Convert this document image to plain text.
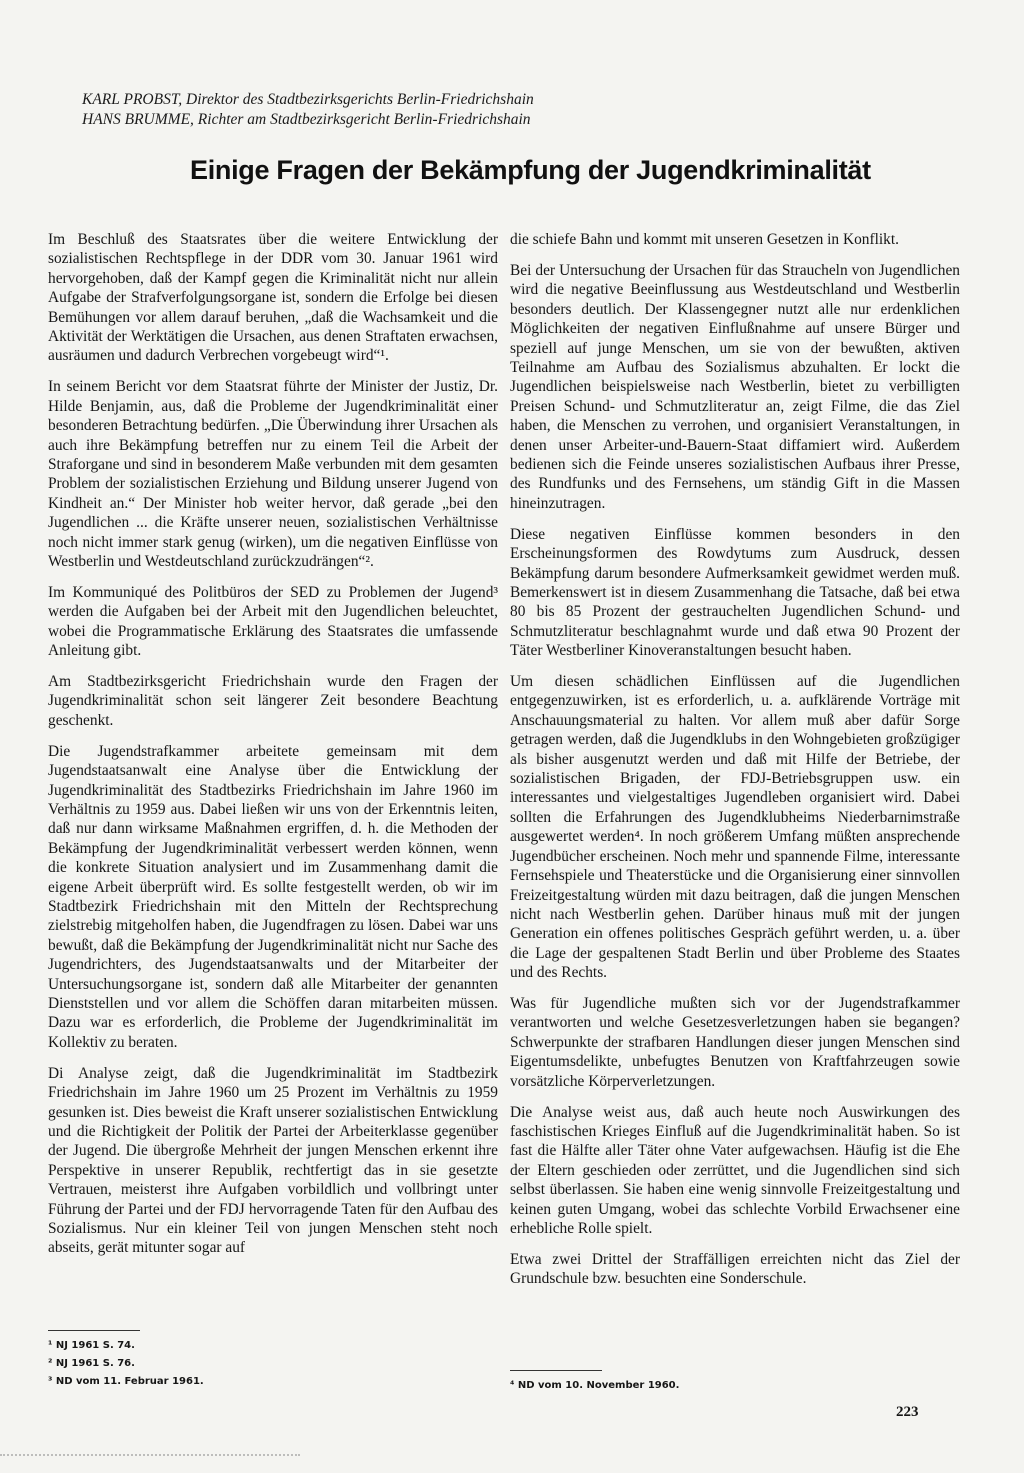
KARL PROBST, Direktor des Stadtbezirksgerichts Berlin-Friedrichshain
HANS BRUMME, Richter am Stadtbezirksgericht Berlin-Friedrichshain
Einige Fragen der Bekämpfung der Jugendkriminalität

Im Beschluß des Staatsrates über die weitere Entwicklung der sozialistischen Rechtspflege in der DDR vom 30. Januar 1961 wird hervorgehoben, daß der Kampf gegen die Kriminalität nicht nur allein Aufgabe der Strafverfolgungsorgane ist, sondern die Erfolge bei diesen Bemühungen vor allem darauf beruhen, „daß die Wachsamkeit und die Aktivität der Werktätigen die Ursachen, aus denen Straftaten erwachsen, ausräumen und dadurch Verbrechen vorgebeugt wird“¹.

In seinem Bericht vor dem Staatsrat führte der Minister der Justiz, Dr. Hilde Benjamin, aus, daß die Probleme der Jugendkriminalität einer besonderen Betrachtung bedürfen. „Die Überwindung ihrer Ursachen als auch ihre Bekämpfung betreffen nur zu einem Teil die Arbeit der Straforgane und sind in besonderem Maße verbunden mit dem gesamten Problem der sozialistischen Erziehung und Bildung unserer Jugend von Kindheit an.“ Der Minister hob weiter hervor, daß gerade „bei den Jugendlichen ... die Kräfte unserer neuen, sozialistischen Verhältnisse noch nicht immer stark genug (wirken), um die negativen Einflüsse von Westberlin und Westdeutschland zurückzudrängen“².

Im Kommuniqué des Politbüros der SED zu Problemen der Jugend³ werden die Aufgaben bei der Arbeit mit den Jugendlichen beleuchtet, wobei die Programmatische Erklärung des Staatsrates die umfassende Anleitung gibt.

Am Stadtbezirksgericht Friedrichshain wurde den Fragen der Jugendkriminalität schon seit längerer Zeit besondere Beachtung geschenkt.

Die Jugendstrafkammer arbeitete gemeinsam mit dem Jugendstaatsanwalt eine Analyse über die Entwicklung der Jugendkriminalität des Stadtbezirks Friedrichshain im Jahre 1960 im Verhältnis zu 1959 aus. Dabei ließen wir uns von der Erkenntnis leiten, daß nur dann wirksame Maßnahmen ergriffen, d. h. die Methoden der Bekämpfung der Jugendkriminalität verbessert werden können, wenn die konkrete Situation analysiert und im Zusammenhang damit die eigene Arbeit überprüft wird. Es sollte festgestellt werden, ob wir im Stadtbezirk Friedrichshain mit den Mitteln der Rechtsprechung zielstrebig mitgeholfen haben, die Jugendfragen zu lösen. Dabei war uns bewußt, daß die Bekämpfung der Jugendkriminalität nicht nur Sache des Jugendrichters, des Jugendstaatsanwalts und der Mitarbeiter der Untersuchungsorgane ist, sondern daß alle Mitarbeiter der genannten Dienststellen und vor allem die Schöffen daran mitarbeiten müssen. Dazu war es erforderlich, die Probleme der Jugendkriminalität im Kollektiv zu beraten.

Di Analyse zeigt, daß die Jugendkriminalität im Stadtbezirk Friedrichshain im Jahre 1960 um 25 Prozent im Verhältnis zu 1959 gesunken ist. Dies beweist die Kraft unserer sozialistischen Entwicklung und die Richtigkeit der Politik der Partei der Arbeiterklasse gegenüber der Jugend. Die übergroße Mehrheit der jungen Menschen erkennt ihre Perspektive in unserer Republik, rechtfertigt das in sie gesetzte Vertrauen, meisterst ihre Aufgaben vorbildlich und vollbringt unter Führung der Partei und der FDJ hervorragende Taten für den Aufbau des Sozialismus. Nur ein kleiner Teil von jungen Menschen steht noch abseits, gerät mitunter sogar auf

die schiefe Bahn und kommt mit unseren Gesetzen in Konflikt.

Bei der Untersuchung der Ursachen für das Straucheln von Jugendlichen wird die negative Beeinflussung aus Westdeutschland und Westberlin besonders deutlich. Der Klassengegner nutzt alle nur erdenklichen Möglichkeiten der negativen Einflußnahme auf unsere Bürger und speziell auf junge Menschen, um sie von der bewußten, aktiven Teilnahme am Aufbau des Sozialismus abzuhalten. Er lockt die Jugendlichen beispielsweise nach Westberlin, bietet zu verbilligten Preisen Schund- und Schmutzliteratur an, zeigt Filme, die das Ziel haben, die Menschen zu verrohen, und organisiert Veranstaltungen, in denen unser Arbeiter-und-Bauern-Staat diffamiert wird. Außerdem bedienen sich die Feinde unseres sozialistischen Aufbaus ihrer Presse, des Rundfunks und des Fernsehens, um ständig Gift in die Massen hineinzutragen.

Diese negativen Einflüsse kommen besonders in den Erscheinungsformen des Rowdytums zum Ausdruck, dessen Bekämpfung darum besondere Aufmerksamkeit gewidmet werden muß. Bemerkenswert ist in diesem Zusammenhang die Tatsache, daß bei etwa 80 bis 85 Prozent der gestrauchelten Jugendlichen Schund- und Schmutzliteratur beschlagnahmt wurde und daß etwa 90 Prozent der Täter Westberliner Kinoveranstaltungen besucht haben.

Um diesen schädlichen Einflüssen auf die Jugendlichen entgegenzuwirken, ist es erforderlich, u. a. aufklärende Vorträge mit Anschauungsmaterial zu halten. Vor allem muß aber dafür Sorge getragen werden, daß die Jugendklubs in den Wohngebieten großzügiger als bisher ausgenutzt werden und daß mit Hilfe der Betriebe, der sozialistischen Brigaden, der FDJ-Betriebsgruppen usw. ein interessantes und vielgestaltiges Jugendleben organisiert wird. Dabei sollten die Erfahrungen des Jugendklubheims Niederbarnimstraße ausgewertet werden⁴. In noch größerem Umfang müßten ansprechende Jugendbücher erscheinen. Noch mehr und spannende Filme, interessante Fernsehspiele und Theaterstücke und die Organisierung einer sinnvollen Freizeitgestaltung würden mit dazu beitragen, daß die jungen Menschen nicht nach Westberlin gehen. Darüber hinaus muß mit der jungen Generation ein offenes politisches Gespräch geführt werden, u. a. über die Lage der gespaltenen Stadt Berlin und über Probleme des Staates und des Rechts.

Was für Jugendliche mußten sich vor der Jugendstrafkammer verantworten und welche Gesetzesverletzungen haben sie begangen? Schwerpunkte der strafbaren Handlungen dieser jungen Menschen sind Eigentumsdelikte, unbefugtes Benutzen von Kraftfahrzeugen sowie vorsätzliche Körperverletzungen.

Die Analyse weist aus, daß auch heute noch Auswirkungen des faschistischen Krieges Einfluß auf die Jugendkriminalität haben. So ist fast die Hälfte aller Täter ohne Vater aufgewachsen. Häufig ist die Ehe der Eltern geschieden oder zerrüttet, und die Jugendlichen sind sich selbst überlassen. Sie haben eine wenig sinnvolle Freizeitgestaltung und keinen guten Umgang, wobei das schlechte Vorbild Erwachsener eine erhebliche Rolle spielt.

Etwa zwei Drittel der Straffälligen erreichten nicht das Ziel der Grundschule bzw. besuchten eine Sonderschule.

¹ NJ 1961 S. 74.
² NJ 1961 S. 76.
³ ND vom 11. Februar 1961.	⁴ ND vom 10. November 1960.
223
